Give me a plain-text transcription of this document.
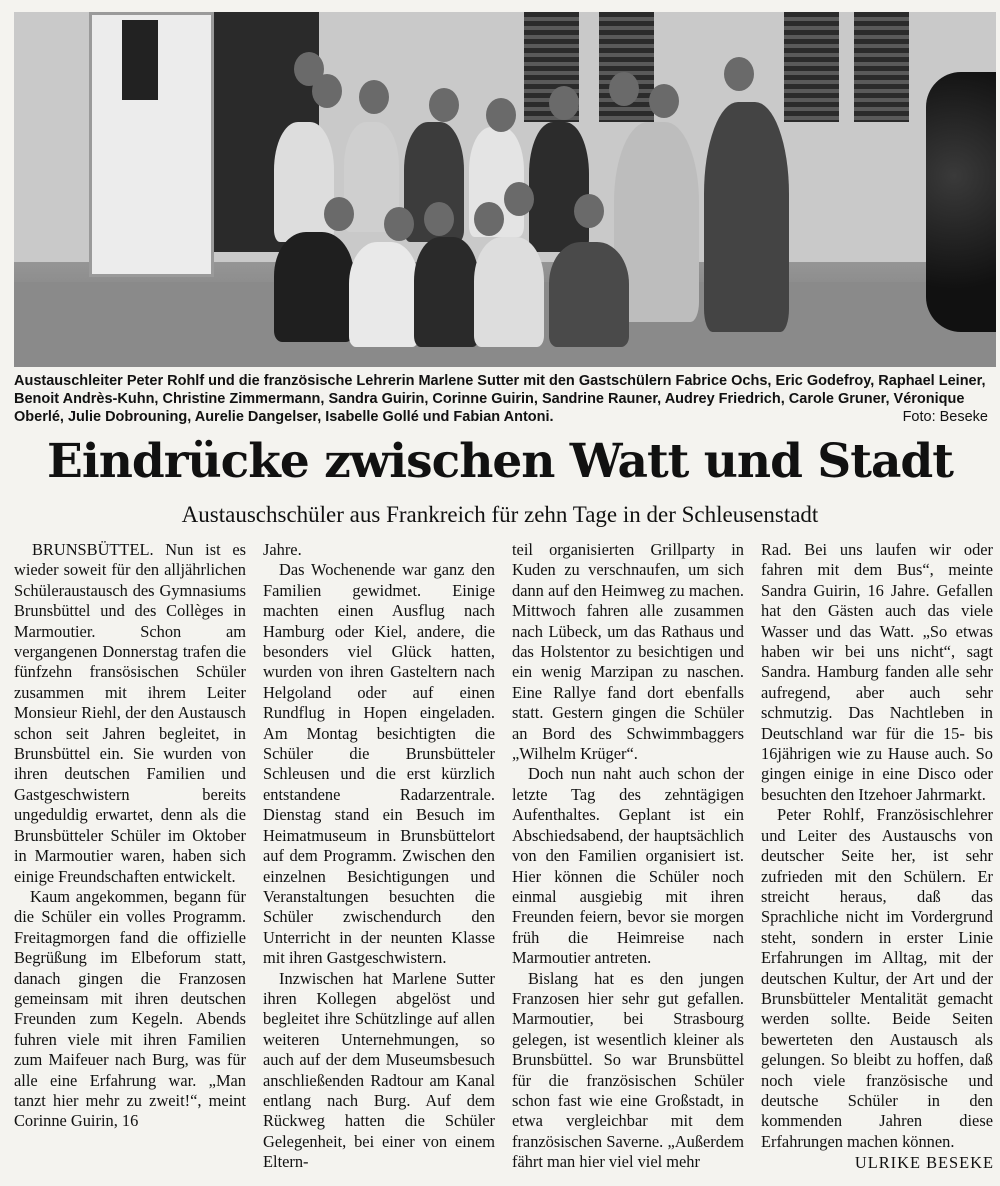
Austauschleiter Peter Rohlf und die französische Lehrerin Marlene Sutter mit den Gastschülern Fabrice Ochs, Eric Godefroy, Raphael Leiner, Benoit Andrès-Kuhn, Christine Zimmermann, Sandra Guirin, Corinne Guirin, Sandrine Rauner, Audrey Friedrich, Carole Gruner, Véronique Oberlé, Julie Dobrouning, Aurelie Dangelser, Isabelle Gollé und Fabian Antoni.	Foto: Beseke
Eindrücke zwischen Watt und Stadt
Austauschschüler aus Frankreich für zehn Tage in der Schleusenstadt

BRUNSBÜTTEL. Nun ist es wieder soweit für den alljährlichen Schüleraustausch des Gymnasiums Brunsbüttel und des Collèges in Marmoutier. Schon am vergangenen Donnerstag trafen die fünfzehn fransösischen Schüler zusammen mit ihrem Leiter Monsieur Riehl, der den Austausch schon seit Jahren begleitet, in Brunsbüttel ein. Sie wurden von ihren deutschen Familien und Gastgeschwistern bereits ungeduldig erwartet, denn als die Brunsbütteler Schüler im Oktober in Marmoutier waren, haben sich einige Freundschaften entwickelt.

Kaum angekommen, begann für die Schüler ein volles Programm. Freitagmorgen fand die offizielle Begrüßung im Elbeforum statt, danach gingen die Franzosen gemeinsam mit ihren deutschen Freunden zum Kegeln. Abends fuhren viele mit ihren Familien zum Maifeuer nach Burg, was für alle eine Erfahrung war. „Man tanzt hier mehr zu zweit!“, meint Corinne Guirin, 16

Jahre.

Das Wochenende war ganz den Familien gewidmet. Einige machten einen Ausflug nach Hamburg oder Kiel, andere, die besonders viel Glück hatten, wurden von ihren Gasteltern nach Helgoland oder auf einen Rundflug in Hopen eingeladen. Am Montag besichtigten die Schüler die Brunsbütteler Schleusen und die erst kürzlich entstandene Radarzentrale. Dienstag stand ein Besuch im Heimatmuseum in Brunsbüttelort auf dem Programm. Zwischen den einzelnen Besichtigungen und Veranstaltungen besuchten die Schüler zwischendurch den Unterricht in der neunten Klasse mit ihren Gastgeschwistern.

Inzwischen hat Marlene Sutter ihren Kollegen abgelöst und begleitet ihre Schützlinge auf allen weiteren Unternehmungen, so auch auf der dem Museumsbesuch anschließenden Radtour am Kanal entlang nach Burg. Auf dem Rückweg hatten die Schüler Gelegenheit, bei einer von einem Eltern-

teil organisierten Grillparty in Kuden zu verschnaufen, um sich dann auf den Heimweg zu machen. Mittwoch fahren alle zusammen nach Lübeck, um das Rathaus und das Holstentor zu besichtigen und ein wenig Marzipan zu naschen. Eine Rallye fand dort ebenfalls statt. Gestern gingen die Schüler an Bord des Schwimmbaggers „Wilhelm Krüger“.

Doch nun naht auch schon der letzte Tag des zehntägigen Aufenthaltes. Geplant ist ein Abschiedsabend, der hauptsächlich von den Familien organisiert ist. Hier können die Schüler noch einmal ausgiebig mit ihren Freunden feiern, bevor sie morgen früh die Heimreise nach Marmoutier antreten.

Bislang hat es den jungen Franzosen hier sehr gut gefallen. Marmoutier, bei Strasbourg gelegen, ist wesentlich kleiner als Brunsbüttel. So war Brunsbüttel für die französischen Schüler schon fast wie eine Großstadt, in etwa vergleichbar mit dem französischen Saverne. „Außerdem fährt man hier viel viel mehr

Rad. Bei uns laufen wir oder fahren mit dem Bus“, meinte Sandra Guirin, 16 Jahre. Gefallen hat den Gästen auch das viele Wasser und das Watt. „So etwas haben wir bei uns nicht“, sagt Sandra. Hamburg fanden alle sehr aufregend, aber auch sehr schmutzig. Das Nachtleben in Deutschland war für die 15- bis 16jährigen wie zu Hause auch. So gingen einige in eine Disco oder besuchten den Itzehoer Jahrmarkt.

Peter Rohlf, Französischlehrer und Leiter des Austauschs von deutscher Seite her, ist sehr zufrieden mit den Schülern. Er streicht heraus, daß das Sprachliche nicht im Vordergrund steht, sondern in erster Linie Erfahrungen im Alltag, mit der deutschen Kultur, der Art und der Brunsbütteler Mentalität gemacht werden sollte. Beide Seiten bewerteten den Austausch als gelungen. So bleibt zu hoffen, daß noch viele französische und deutsche Schüler in den kommenden Jahren diese Erfahrungen machen können.

ULRIKE BESEKE
